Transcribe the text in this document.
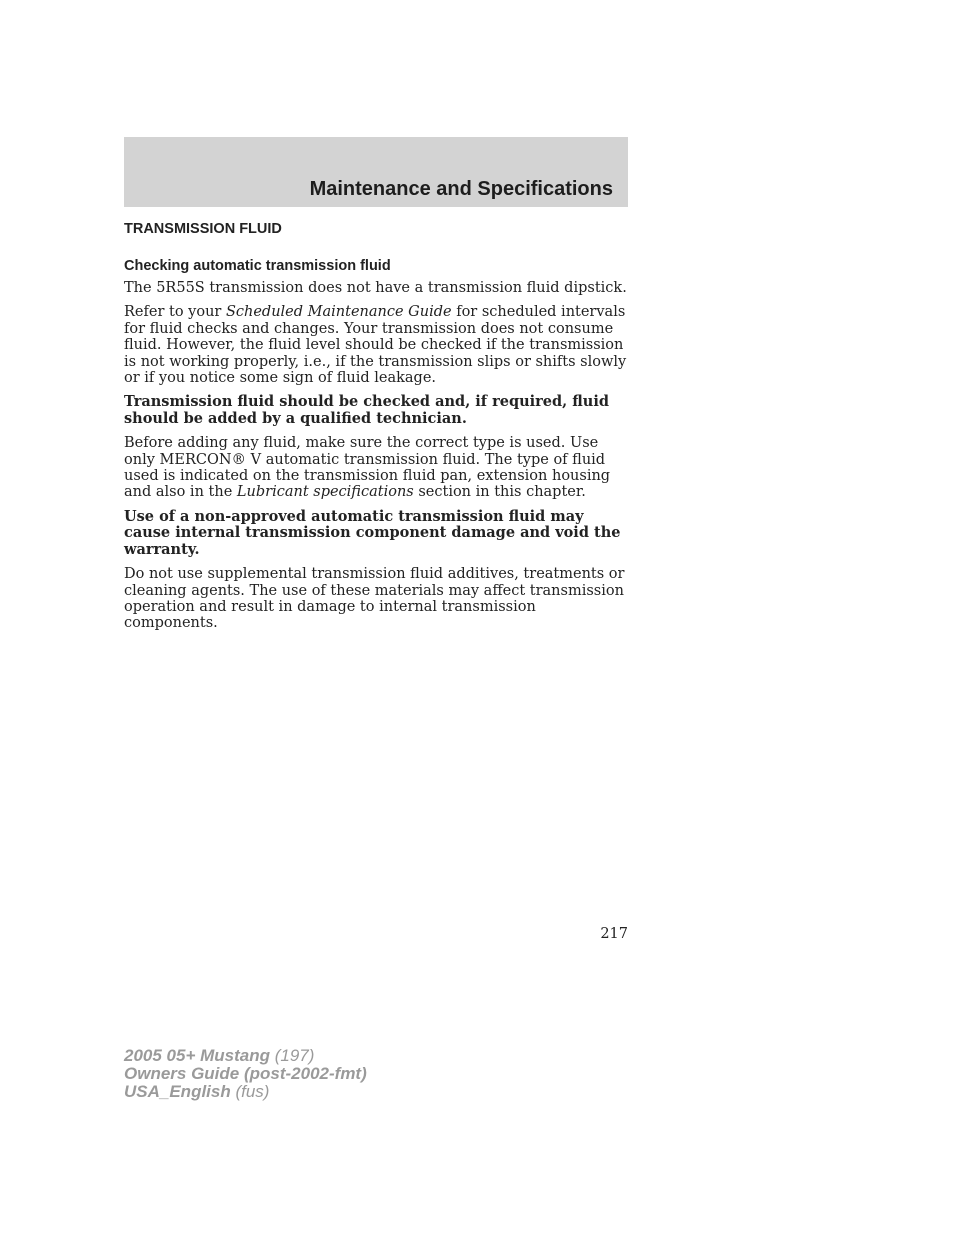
Maintenance and Specifications
TRANSMISSION FLUID
Checking automatic transmission fluid

The 5R55S transmission does not have a transmission fluid dipstick.

Refer to your Scheduled Maintenance Guide for scheduled intervals for fluid checks and changes. Your transmission does not consume fluid. However, the fluid level should be checked if the transmission is not working properly, i.e., if the transmission slips or shifts slowly or if you notice some sign of fluid leakage.

Transmission fluid should be checked and, if required, fluid should be added by a qualified technician.

Before adding any fluid, make sure the correct type is used. Use only MERCON® V automatic transmission fluid. The type of fluid used is indicated on the transmission fluid pan, extension housing and also in the Lubricant specifications section in this chapter.

Use of a non-approved automatic transmission fluid may cause internal transmission component damage and void the warranty.

Do not use supplemental transmission fluid additives, treatments or cleaning agents. The use of these materials may affect transmission operation and result in damage to internal transmission components.

217
2005 05+ Mustang (197)
Owners Guide (post-2002-fmt)
USA_English (fus)
